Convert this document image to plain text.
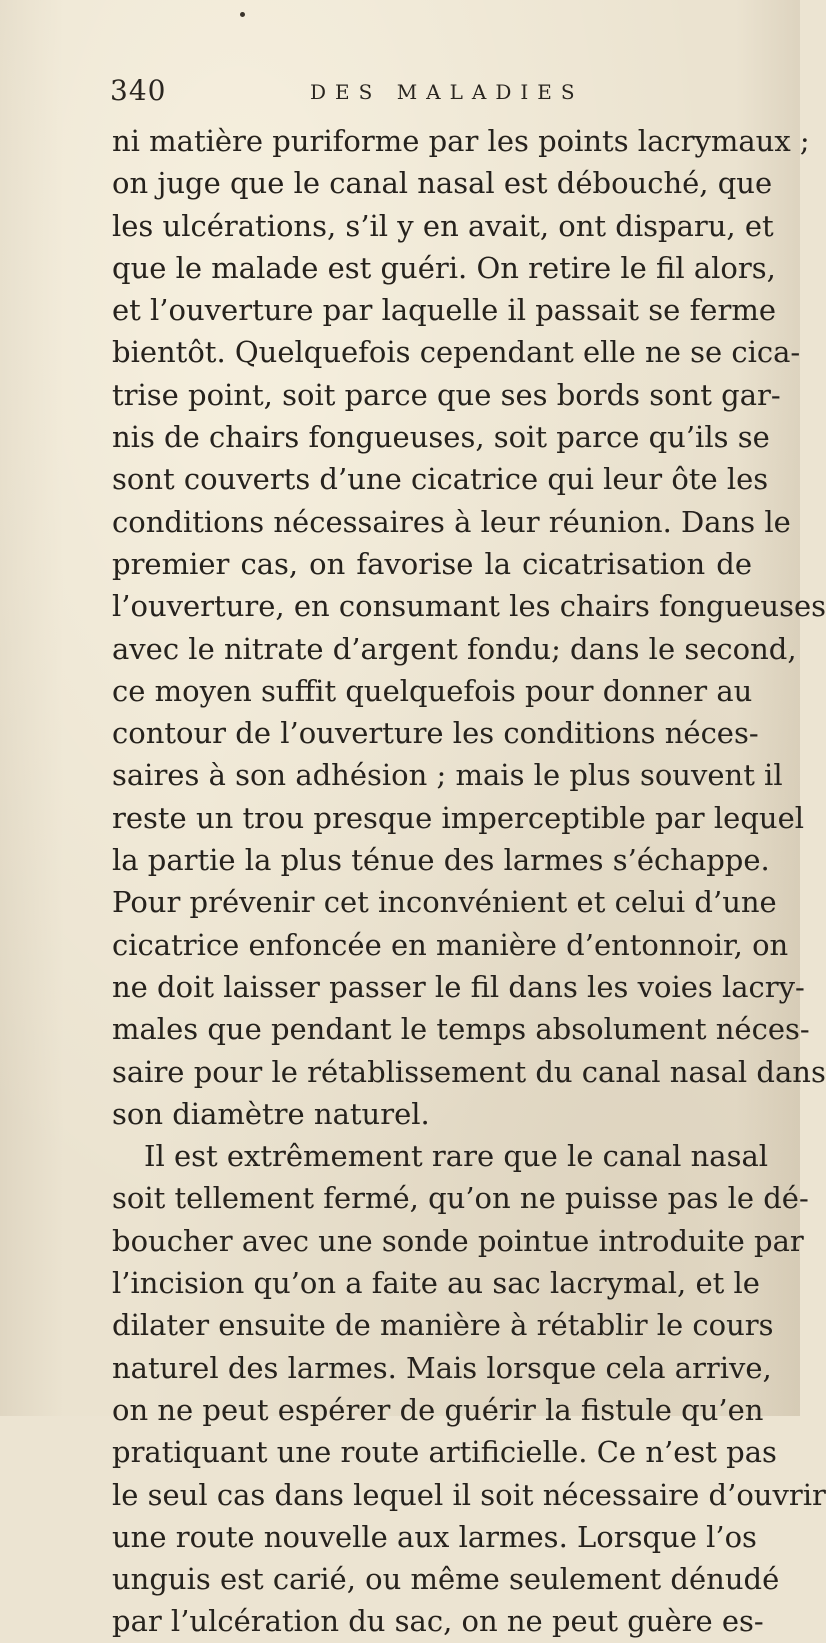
340	DES MALADIES
ni matière puriforme par les points lacrymaux ;
on juge que le canal nasal est débouché, que
les ulcérations, s’il y en avait, ont disparu, et
que le malade est guéri. On retire le fil alors,
et l’ouverture par laquelle il passait se ferme
bientôt. Quelquefois cependant elle ne se cica-
trise point, soit parce que ses bords sont gar-
nis de chairs fongueuses, soit parce qu’ils se
sont couverts d’une cicatrice qui leur ôte les
conditions nécessaires à leur réunion. Dans le
premier cas, on favorise la cicatrisation de
l’ouverture, en consumant les chairs fongueuses
avec le nitrate d’argent fondu; dans le second,
ce moyen suffit quelquefois pour donner au
contour de l’ouverture les conditions néces-
saires à son adhésion ; mais le plus souvent il
reste un trou presque imperceptible par lequel
la partie la plus ténue des larmes s’échappe.
Pour prévenir cet inconvénient et celui d’une
cicatrice enfoncée en manière d’entonnoir, on
ne doit laisser passer le fil dans les voies lacry-
males que pendant le temps absolument néces-
saire pour le rétablissement du canal nasal dans
son diamètre naturel.
Il est extrêmement rare que le canal nasal
soit tellement fermé, qu’on ne puisse pas le dé-
boucher avec une sonde pointue introduite par
l’incision qu’on a faite au sac lacrymal, et le
dilater ensuite de manière à rétablir le cours
naturel des larmes. Mais lorsque cela arrive,
on ne peut espérer de guérir la fistule qu’en
pratiquant une route artificielle. Ce n’est pas
le seul cas dans lequel il soit nécessaire d’ouvrir
une route nouvelle aux larmes. Lorsque l’os
unguis est carié, ou même seulement dénudé
par l’ulcération du sac, on ne peut guère es-
